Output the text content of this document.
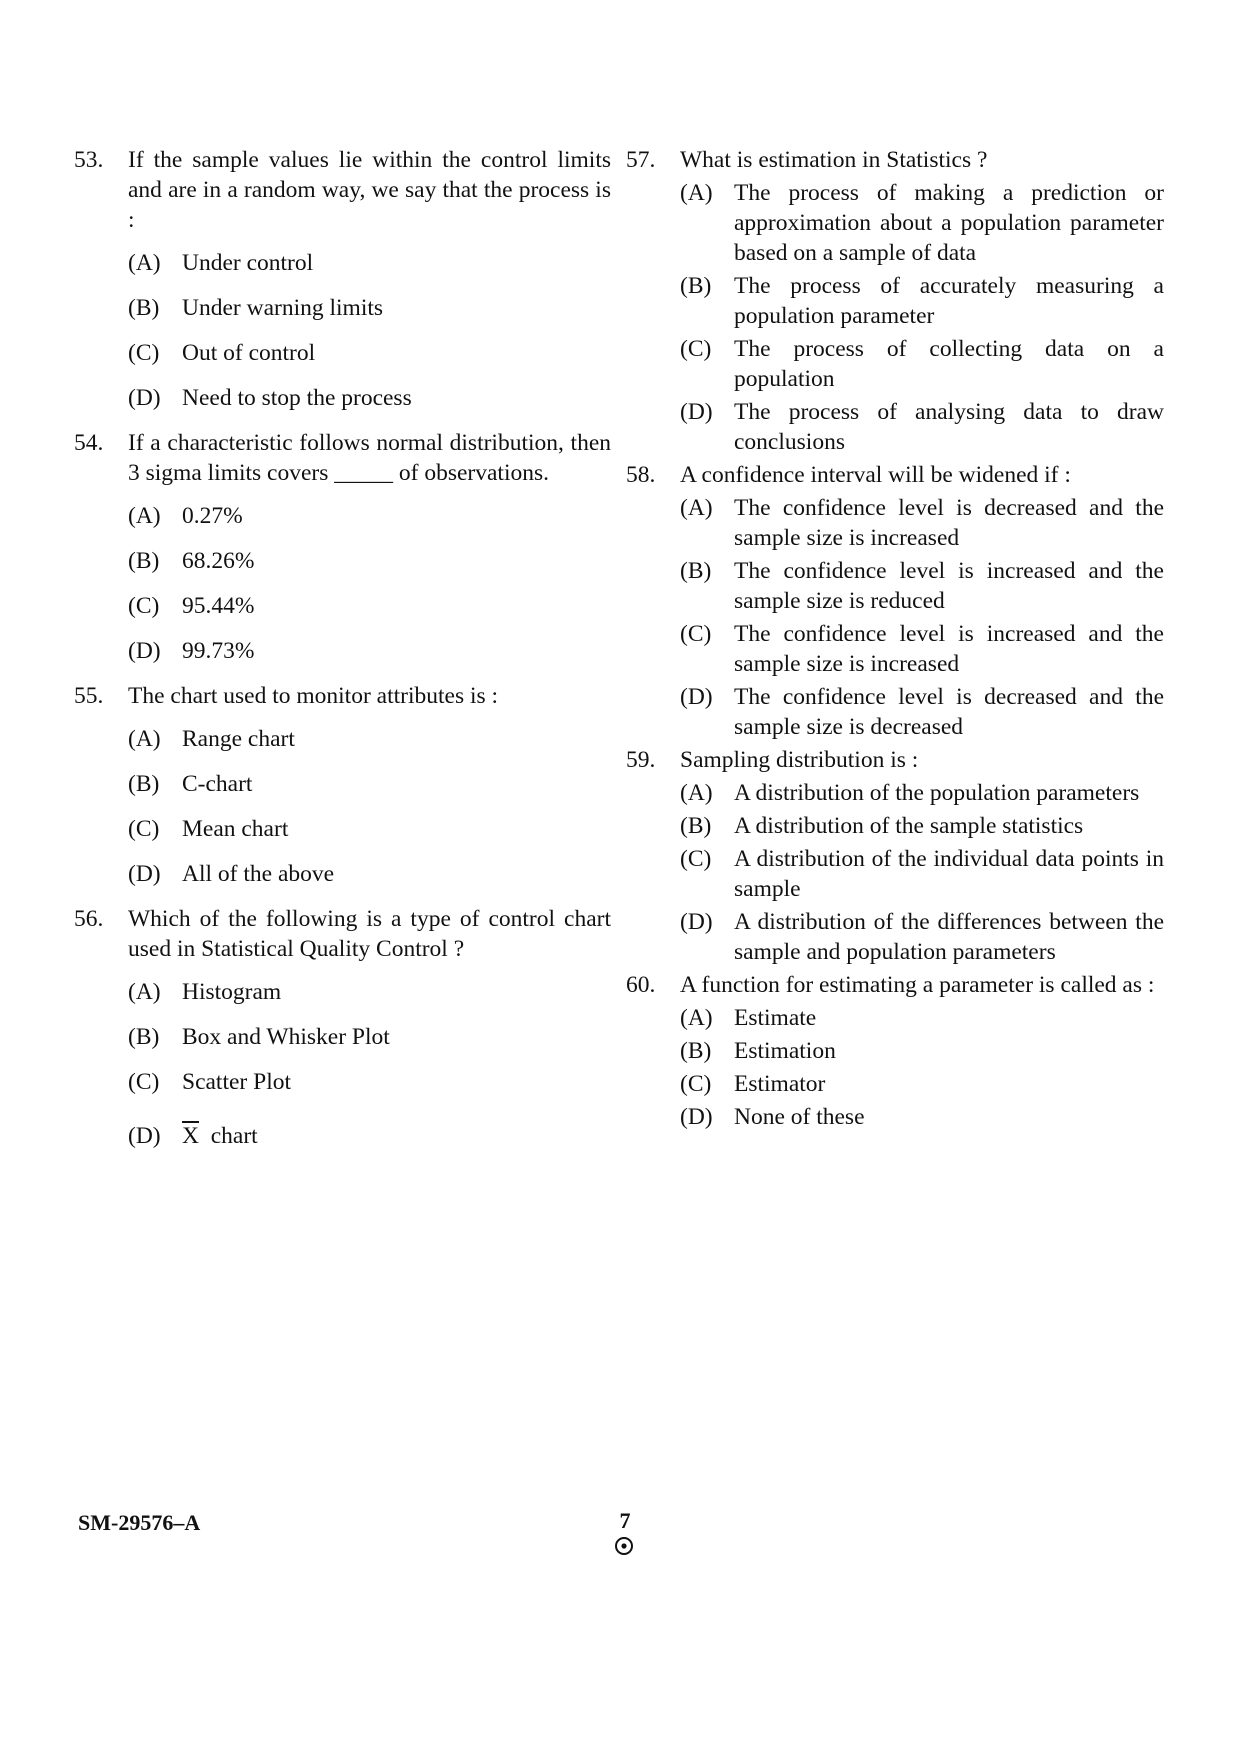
53. If the sample values lie within the control limits and are in a random way, we say that the process is :
(A) Under control
(B) Under warning limits
(C) Out of control
(D) Need to stop the process
54. If a characteristic follows normal distribution, then 3 sigma limits covers _____ of observations.
(A) 0.27%
(B) 68.26%
(C) 95.44%
(D) 99.73%
55. The chart used to monitor attributes is :
(A) Range chart
(B) C-chart
(C) Mean chart
(D) All of the above
56. Which of the following is a type of control chart used in Statistical Quality Control ?
(A) Histogram
(B) Box and Whisker Plot
(C) Scatter Plot
(D) $\overline{X}$ chart
57. What is estimation in Statistics ?
(A) The process of making a prediction or approximation about a population parameter based on a sample of data
(B) The process of accurately measuring a population parameter
(C) The process of collecting data on a population
(D) The process of analysing data to draw conclusions
58. A confidence interval will be widened if :
(A) The confidence level is decreased and the sample size is increased
(B) The confidence level is increased and the sample size is reduced
(C) The confidence level is increased and the sample size is increased
(D) The confidence level is decreased and the sample size is decreased
59. Sampling distribution is :
(A) A distribution of the population parameters
(B) A distribution of the sample statistics
(C) A distribution of the individual data points in sample
(D) A distribution of the differences between the sample and population parameters
60. A function for estimating a parameter is called as :
(A) Estimate
(B) Estimation
(C) Estimator
(D) None of these
SM-29576–A	7
